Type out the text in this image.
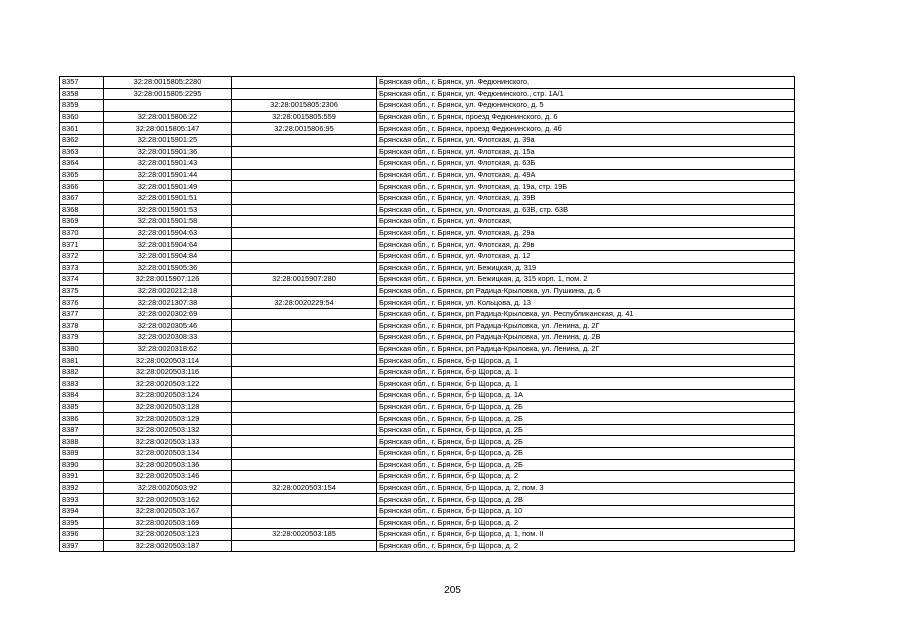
8357	32:28:0015805:2280		Брянская обл., г. Брянск, ул. Федюнинского,
8358	32:28:0015805:2295		Брянская обл., г. Брянск, ул. Федюнинского., стр. 1А/1
8359		32:28:0015805:2306	Брянская обл., г. Брянск, ул. Федюнинского, д. 5
8360	32:28:0015806:22	32:28:0015805:559	Брянская обл., г. Брянск, проезд Федюнинского, д. 6
8361	32:28:0015805:147	32:28:0015806:95	Брянская обл., г. Брянск, проезд Федюнинского, д. 4б
8362	32:28:0015901:25		Брянская обл., г. Брянск, ул. Флотская, д. 39а
8363	32:28:0015901:36		Брянская обл., г. Брянск, ул. Флотская, д. 15а
8364	32:28:0015901:43		Брянская обл., г. Брянск, ул. Флотская, д. 63Б
8365	32:28:0015901:44		Брянская обл., г. Брянск, ул. Флотская, д. 49А
8366	32:28:0015901:49		Брянская обл., г. Брянск, ул. Флотская, д. 19а, стр. 19Б
8367	32:28:0015901:51		Брянская обл., г. Брянск, ул. Флотская, д. 39В
8368	32:28:0015901:53		Брянская обл., г. Брянск, ул. Флотская, д. 63В, стр. 63В
8369	32:28:0015901:58		Брянская обл., г. Брянск, ул. Флотская,
8370	32:28:0015904:63		Брянская обл., г. Брянск, ул. Флотская, д. 29а
8371	32:28:0015904:64		Брянская обл., г. Брянск, ул. Флотская, д. 29в
8372	32:28:0015904:84		Брянская обл., г. Брянск, ул. Флотская, д. 12
8373	32:28:0015905:36		Брянская обл., г. Брянск, ул. Бежицкая, д. 319
8374	32:28:0015907:126	32:28:0015907:280	Брянская обл., г. Брянск, ул. Бежицкая, д. 315 корп. 1, пом. 2
8375	32:28:0020212:18		Брянская обл., г. Брянск, рп Радица-Крыловка, ул. Пушкина, д. 6
8376	32:28:0021307:38	32:28:0020229:54	Брянская обл., г. Брянск, ул. Кольцова, д. 13
8377	32:28:0020302:69		Брянская обл., г. Брянск, рп Радица-Крыловка, ул. Республиканская, д. 41
8378	32:28:0020305:46		Брянская обл., г. Брянск, рп Радица-Крыловка, ул. Ленина, д. 2Г
8379	32:28:0020308:33		Брянская обл., г. Брянск, рп Радица-Крыловка, ул. Ленина, д. 2В
8380	32:28:0020318:62		Брянская обл., г. Брянск, рп Радица-Крыловка, ул. Ленина, д. 2Г
8381	32:28:0020503:114		Брянская обл., г. Брянск, б-р Щорса, д. 1
8382	32:28:0020503:116		Брянская обл., г. Брянск, б-р Щорса, д. 1
8383	32:28:0020503:122		Брянская обл., г. Брянск, б-р Щорса, д. 1
8384	32:28:0020503:124		Брянская обл., г. Брянск, б-р Щорса, д. 1А
8385	32:28:0020503:128		Брянская обл., г. Брянск, б-р Щорса, д. 2Б
8386	32:28:0020503:129		Брянская обл., г. Брянск, б-р Щорса, д. 2Б
8387	32:28:0020503:132		Брянская обл., г. Брянск, б-р Щорса, д. 2Б
8388	32:28:0020503:133		Брянская обл., г. Брянск, б-р Щорса, д. 2Б
8389	32:28:0020503:134		Брянская обл., г. Брянск, б-р Щорса, д. 2Б
8390	32:28:0020503:136		Брянская обл., г. Брянск, б-р Щорса, д. 2Б
8391	32:28:0020503:146		Брянская обл., г. Брянск, б-р Щорса, д. 2
8392	32:28:0020503:92	32:28:0020503:154	Брянская обл., г. Брянск, б-р Щорса, д. 2, пом. 3
8393	32:28:0020503:162		Брянская обл., г. Брянск, б-р Щорса, д. 2В
8394	32:28:0020503:167		Брянская обл., г. Брянск, б-р Щорса, д. 10
8395	32:28:0020503:169		Брянская обл., г. Брянск, б-р Щорса, д. 2
8396	32:28:0020503:123	32:28:0020503:185	Брянская обл., г. Брянск, б-р Щорса, д. 1, пом. II
8397	32:28:0020503:187		Брянская обл., г. Брянск, б-р Щорса, д. 2
205
